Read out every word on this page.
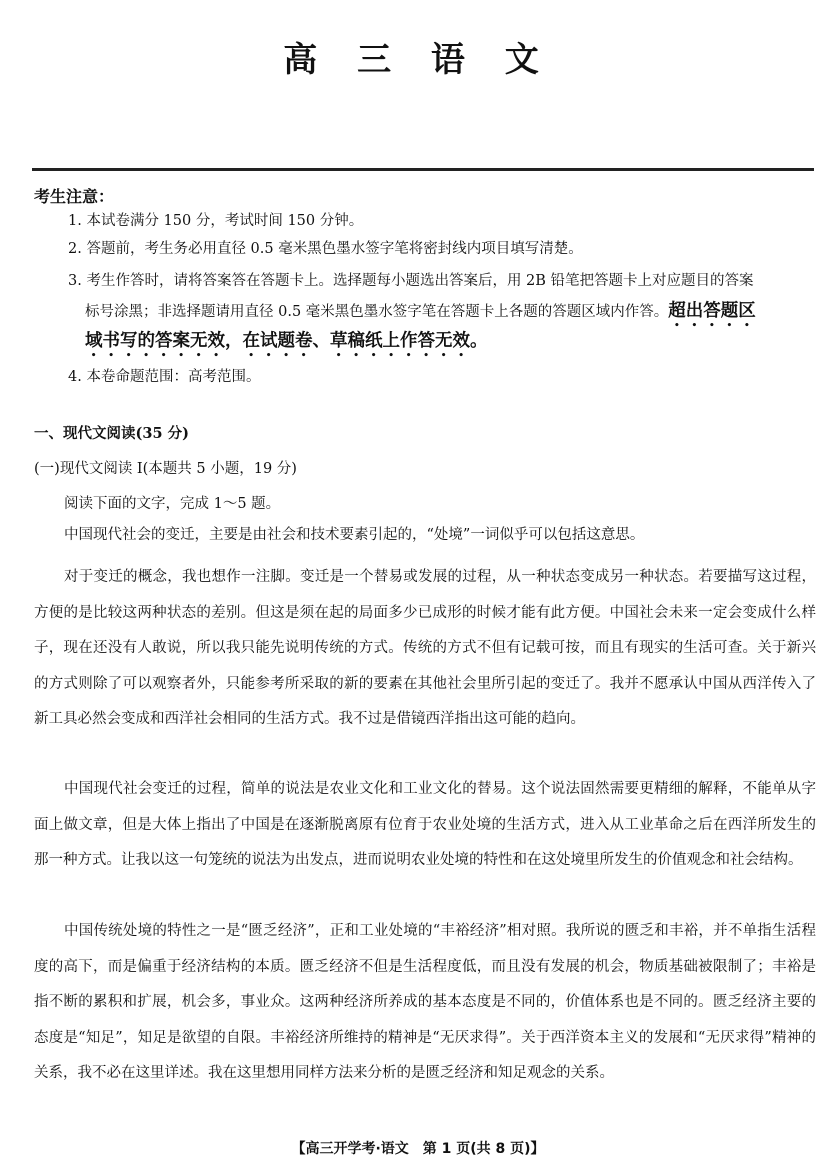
高 三 语 文
考生注意：
1. 本试卷满分 150 分，考试时间 150 分钟。
2. 答题前，考生务必用直径 0.5 毫米黑色墨水签字笔将密封线内项目填写清楚。
3. 考生作答时，请将答案答在答题卡上。选择题每小题选出答案后，用 2B 铅笔把答题卡上对应题目的答案
标号涂黑；非选择题请用直径 0.5 毫米黑色墨水签字笔在答题卡上各题的答题区域内作答。超出答题区
域书写的答案无效，在试题卷、草稿纸上作答无效。
4. 本卷命题范围：高考范围。
一、现代文阅读(35 分)
(一)现代文阅读 I(本题共 5 小题，19 分)
阅读下面的文字，完成 1～5 题。
中国现代社会的变迁，主要是由社会和技术要素引起的，“处境”一词似乎可以包括这意思。
对于变迁的概念，我也想作一注脚。变迁是一个替易或发展的过程，从一种状态变成另一种状态。若要描写这过程，方便的是比较这两种状态的差别。但这是须在起的局面多少已成形的时候才能有此方便。中国社会未来一定会变成什么样子，现在还没有人敢说，所以我只能先说明传统的方式。传统的方式不但有记载可按，而且有现实的生活可查。关于新兴的方式则除了可以观察者外，只能参考所采取的新的要素在其他社会里所引起的变迁了。我并不愿承认中国从西洋传入了新工具必然会变成和西洋社会相同的生活方式。我不过是借镜西洋指出这可能的趋向。
中国现代社会变迁的过程，简单的说法是农业文化和工业文化的替易。这个说法固然需要更精细的解释，不能单从字面上做文章，但是大体上指出了中国是在逐渐脱离原有位育于农业处境的生活方式，进入从工业革命之后在西洋所发生的那一种方式。让我以这一句笼统的说法为出发点，进而说明农业处境的特性和在这处境里所发生的价值观念和社会结构。
中国传统处境的特性之一是“匮乏经济”，正和工业处境的“丰裕经济”相对照。我所说的匮乏和丰裕，并不单指生活程度的高下，而是偏重于经济结构的本质。匮乏经济不但是生活程度低，而且没有发展的机会，物质基础被限制了；丰裕是指不断的累积和扩展，机会多，事业众。这两种经济所养成的基本态度是不同的，价值体系也是不同的。匮乏经济主要的态度是“知足”，知足是欲望的自限。丰裕经济所维持的精神是“无厌求得”。关于西洋资本主义的发展和“无厌求得”精神的关系，我不必在这里详述。我在这里想用同样方法来分析的是匮乏经济和知足观念的关系。
【高三开学考·语文　第 1 页(共 8 页)】
